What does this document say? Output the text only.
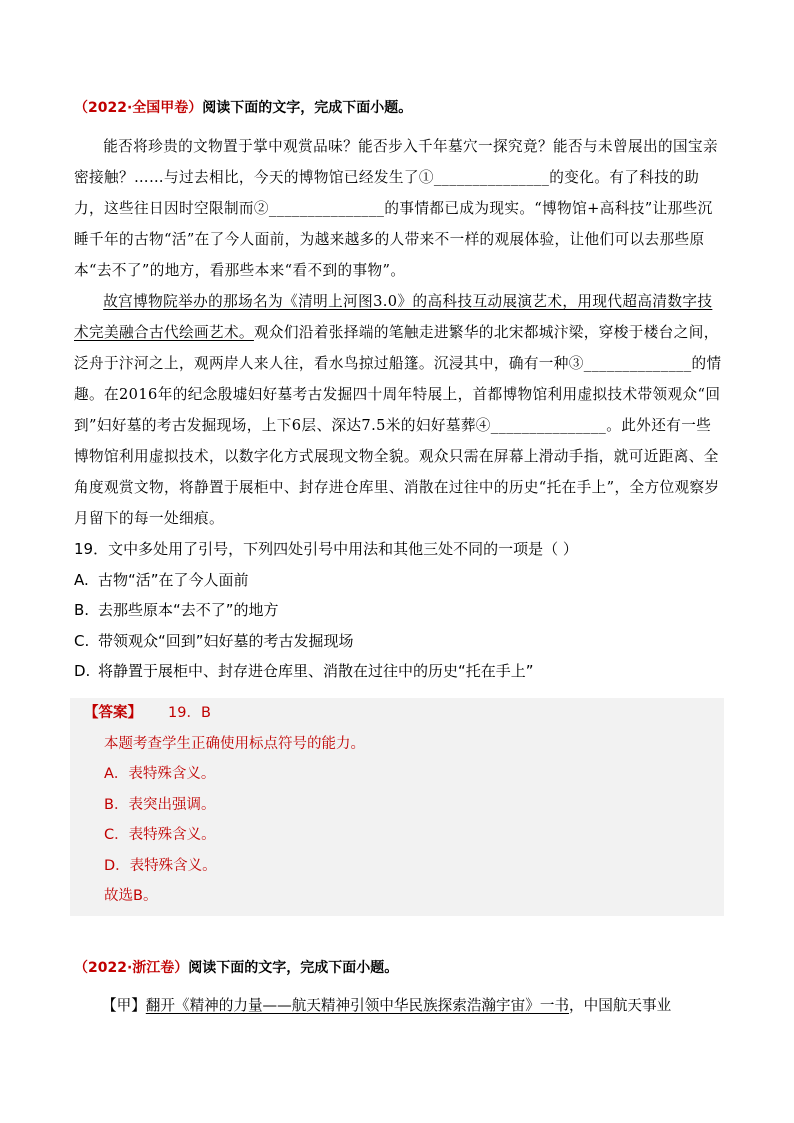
（2022·全国甲卷）阅读下面的文字，完成下面小题。

能否将珍贵的文物置于掌中观赏品味？能否步入千年墓穴一探究竟？能否与未曾展出的国宝亲密接触？……与过去相比，今天的博物馆已经发生了①_______________的变化。有了科技的助力，这些往日因时空限制而②_______________的事情都已成为现实。“博物馆+高科技”让那些沉睡千年的古物“活”在了今人面前，为越来越多的人带来不一样的观展体验，让他们可以去那些原本“去不了”的地方，看那些本来“看不到的事物”。

故宫博物院举办的那场名为《清明上河图3.0》的高科技互动展演艺术，用现代超高清数字技术完美融合古代绘画艺术。观众们沿着张择端的笔触走进繁华的北宋都城汴梁，穿梭于楼台之间，泛舟于汴河之上，观两岸人来人往，看水鸟掠过船篷。沉浸其中，确有一种③______________的情趣。在2016年的纪念殷墟妇好墓考古发掘四十周年特展上，首都博物馆利用虚拟技术带领观众“回到”妇好墓的考古发掘现场，上下6层、深达7.5米的妇好墓葬④_______________。此外还有一些博物馆利用虚拟技术，以数字化方式展现文物全貌。观众只需在屏幕上滑动手指，就可近距离、全角度观赏文物，将静置于展柜中、封存进仓库里、消散在过往中的历史“托在手上”，全方位观察岁月留下的每一处细痕。

19．文中多处用了引号，下列四处引号中用法和其他三处不同的一项是（ ）
A. 古物“活”在了今人面前
B. 去那些原本“去不了”的地方
C. 带领观众“回到”妇好墓的考古发掘现场
D. 将静置于展柜中、封存进仓库里、消散在过往中的历史“托在手上”
【答案】 19．B
本题考查学生正确使用标点符号的能力。
A．表特殊含义。
B．表突出强调。
C．表特殊含义。
D．表特殊含义。
故选B。
（2022·浙江卷）阅读下面的文字，完成下面小题。
【甲】翻开《精神的力量——航天精神引领中华民族探索浩瀚宇宙》一书，中国航天事业
